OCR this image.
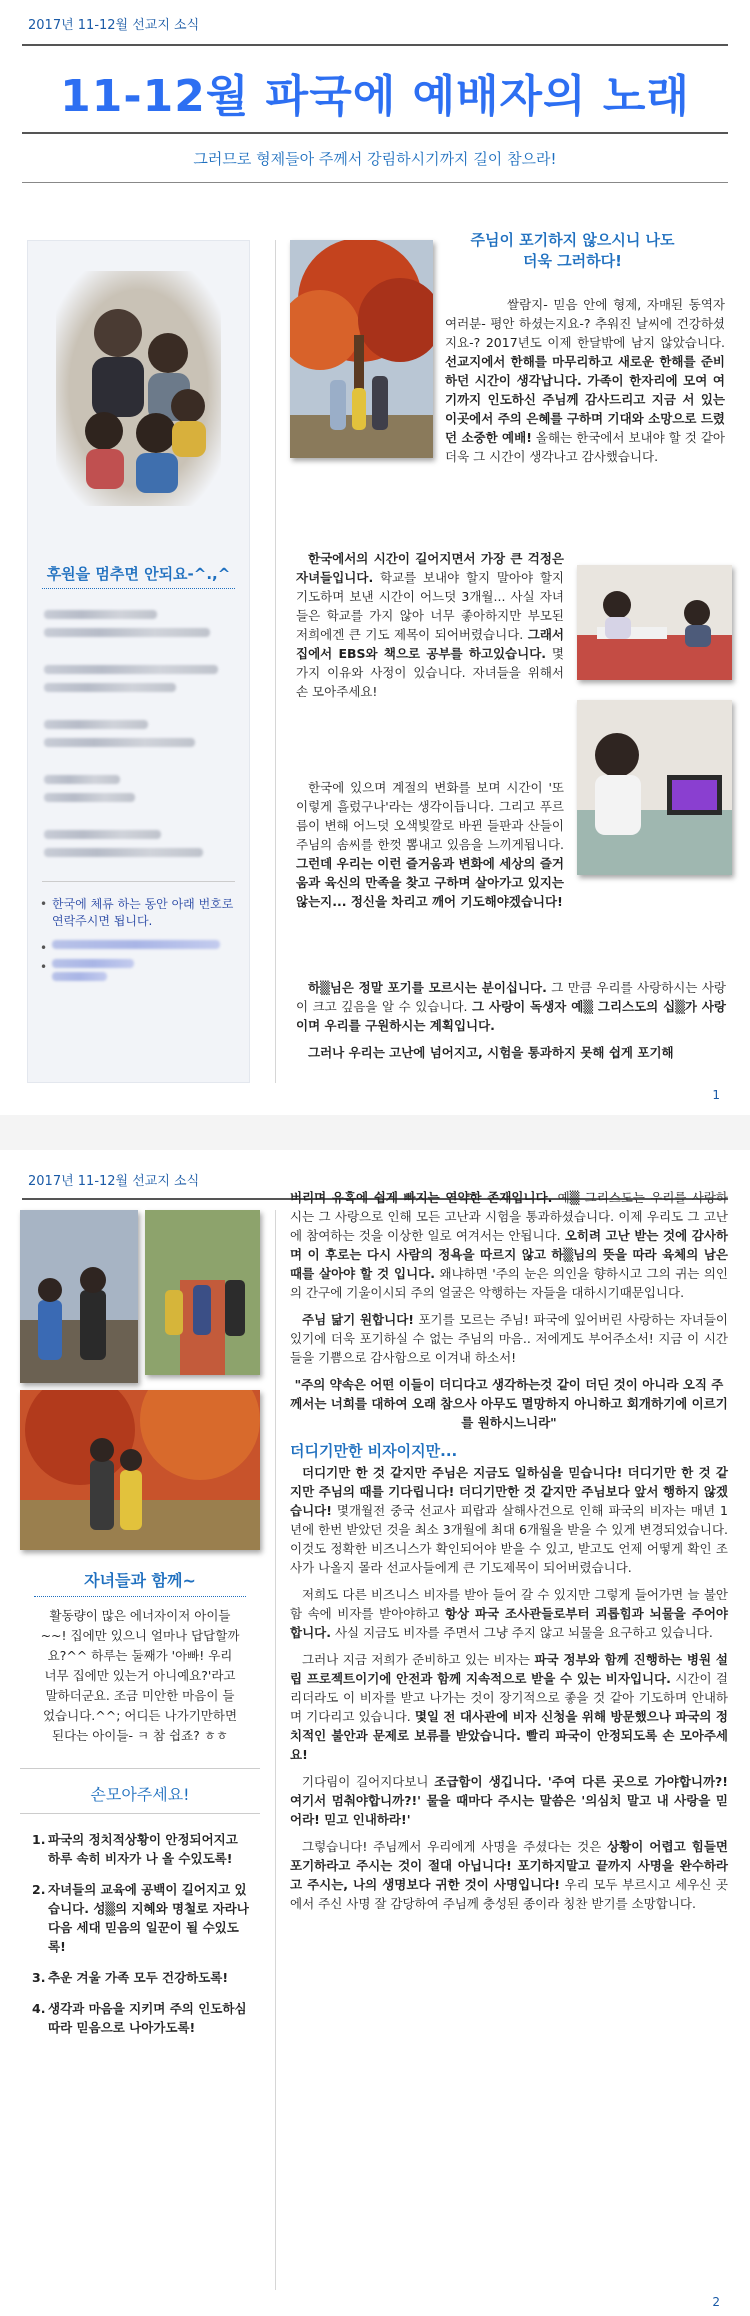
2017년 11-12월 선교지 소식
11-12월 파국에 예배자의 노래
그러므로 형제들아 주께서 강림하시기까지 길이 참으라!
후원을 멈추면 안되요-^.,^
• 한국에 체류 하는 동안 아래 번호로 연락주시면 됩니다.
•
•
주님이 포기하지 않으시니 나도 더욱 그러하다!

쌀람지- 믿음 안에 형제, 자매된 동역자 여러분- 평안 하셨는지요-? 추워진 날씨에 건강하셨지요-? 2017년도 이제 한달밖에 남지 않았습니다. 선교지에서 한해를 마무리하고 새로운 한해를 준비하던 시간이 생각납니다. 가족이 한자리에 모여 여기까지 인도하신 주님께 감사드리고 지금 서 있는 이곳에서 주의 은혜를 구하며 기대와 소망으로 드렸던 소중한 예배! 올해는 한국에서 보내야 할 것 같아 더욱 그 시간이 생각나고 감사했습니다.

한국에서의 시간이 길어지면서 가장 큰 걱정은 자녀들입니다. 학교를 보내야 할지 말아야 할지 기도하며 보낸 시간이 어느덧 3개월... 사실 자녀들은 학교를 가지 않아 너무 좋아하지만 부모된 저희에겐 큰 기도 제목이 되어버렸습니다. 그래서 집에서 EBS와 책으로 공부를 하고있습니다. 몇 가지 이유와 사정이 있습니다. 자녀들을 위해서 손 모아주세요!

한국에 있으며 계절의 변화를 보며 시간이 '또 이렇게 흘렀구나'라는 생각이듭니다. 그리고 푸르름이 변해 어느덧 오색빛깔로 바뀐 들판과 산들이 주님의 솜씨를 한껏 뽐내고 있음을 느끼게됩니다. 그런데 우리는 이런 즐거움과 변화에 세상의 즐거움과 육신의 만족을 찾고 구하며 살아가고 있지는 않는지... 정신을 차리고 깨어 기도해야겠습니다!

하▒님은 정말 포기를 모르시는 분이십니다. 그 만큼 우리를 사랑하시는 사랑이 크고 깊음을 알 수 있습니다. 그 사랑이 독생자 예▒ 그리스도의 십▒가 사랑이며 우리를 구원하시는 계획입니다.

그러나 우리는 고난에 넘어지고, 시험을 통과하지 못해 쉽게 포기해

1
2017년 11-12월 선교지 소식
자녀들과 함께~
활동량이 많은 에너자이저 아이들~~! 집에만 있으니 얼마나 답답할까요?^^ 하루는 둘째가 '아빠! 우리 너무 집에만 있는거 아니예요?'라고 말하더군요. 조금 미안한 마음이 들었습니다.^^; 어디든 나가기만하면 된다는 아이들- ㅋ 참 쉽죠? ㅎㅎ
손모아주세요!
1. 파국의 정치적상황이 안정되어지고 하루 속히 비자가 나 올 수있도록!
2. 자녀들의 교육에 공백이 길어지고 있습니다. 성▒의 지혜와 명철로 자라나 다음 세대 믿음의 일꾼이 될 수있도록!
3. 추운 겨울 가족 모두 건강하도록!
4. 생각과 마음을 지키며 주의 인도하심따라 믿음으로 나아가도록!

버리며 유혹에 쉽게 빠지는 연약한 존재입니다. 예▒ 그리스도는 우리를 사랑하시는 그 사랑으로 인해 모든 고난과 시험을 통과하셨습니다. 이제 우리도 그 고난에 참여하는 것을 이상한 일로 여겨서는 안됩니다. 오히려 고난 받는 것에 감사하며 이 후로는 다시 사람의 정욕을 따르지 않고 하▒님의 뜻을 따라 육체의 남은 때를 살아야 할 것 입니다. 왜냐하면 '주의 눈은 의인을 향하시고 그의 귀는 의인의 간구에 기울이시되 주의 얼굴은 악행하는 자들을 대하시기때문입니다.

주님 닮기 원합니다! 포기를 모르는 주님! 파국에 잎어버린 사랑하는 자녀들이 있기에 더욱 포기하실 수 없는 주님의 마음.. 저에게도 부어주소서! 지금 이 시간들을 기쁨으로 감사함으로 이겨내 하소서!

"주의 약속은 어떤 이들이 더디다고 생각하는것 같이 더딘 것이 아니라 오직 주께서는 너희를 대하여 오래 참으사 아무도 멸망하지 아니하고 회개하기에 이르기를 원하시느니라"
더디기만한 비자이지만...

더디기만 한 것 같지만 주님은 지금도 일하심을 믿습니다! 더디기만 한 것 같지만 주님의 때를 기다립니다! 더디기만한 것 같지만 주님보다 앞서 행하지 않겠습니다! 몇개월전 중국 선교사 피랍과 살해사건으로 인해 파국의 비자는 매년 1년에 한번 받았던 것을 최소 3개월에 최대 6개월을 받을 수 있게 변경되었습니다. 이것도 정확한 비즈니스가 확인되어야 받을 수 있고, 받고도 언제 어떻게 확인 조사가 나올지 몰라 선교사들에게 큰 기도제목이 되어버렸습니다.

저희도 다른 비즈니스 비자를 받아 들어 갈 수 있지만 그렇게 들어가면 늘 불안함 속에 비자를 받아야하고 항상 파국 조사관들로부터 괴롭힘과 뇌물을 주어야 합니다. 사실 지금도 비자를 주면서 그냥 주지 않고 뇌물을 요구하고 있습니다.

그러나 지금 저희가 준비하고 있는 비자는 파국 정부와 함께 진행하는 병원 설립 프로젝트이기에 안전과 함께 지속적으로 받을 수 있는 비자입니다. 시간이 걸리더라도 이 비자를 받고 나가는 것이 장기적으로 좋을 것 같아 기도하며 안내하며 기다리고 있습니다. 몇일 전 대사관에 비자 신청을 위해 방문했으나 파국의 정치적인 불안과 문제로 보류를 받았습니다. 빨리 파국이 안정되도록 손 모아주세요!

기다림이 길어지다보니 조급함이 생깁니다. '주여 다른 곳으로 가야합니까?! 여기서 멈춰야합니까?!' 물을 때마다 주시는 말씀은 '의심치 말고 내 사랑을 믿어라! 믿고 인내하라!'

그렇습니다! 주님께서 우리에게 사명을 주셨다는 것은 상황이 어렵고 힘들면 포기하라고 주시는 것이 절대 아닙니다! 포기하지말고 끝까지 사명을 완수하라고 주시는, 나의 생명보다 귀한 것이 사명입니다! 우리 모두 부르시고 세우신 곳에서 주신 사명 잘 감당하여 주님께 충성된 종이라 칭찬 받기를 소망합니다.

2
